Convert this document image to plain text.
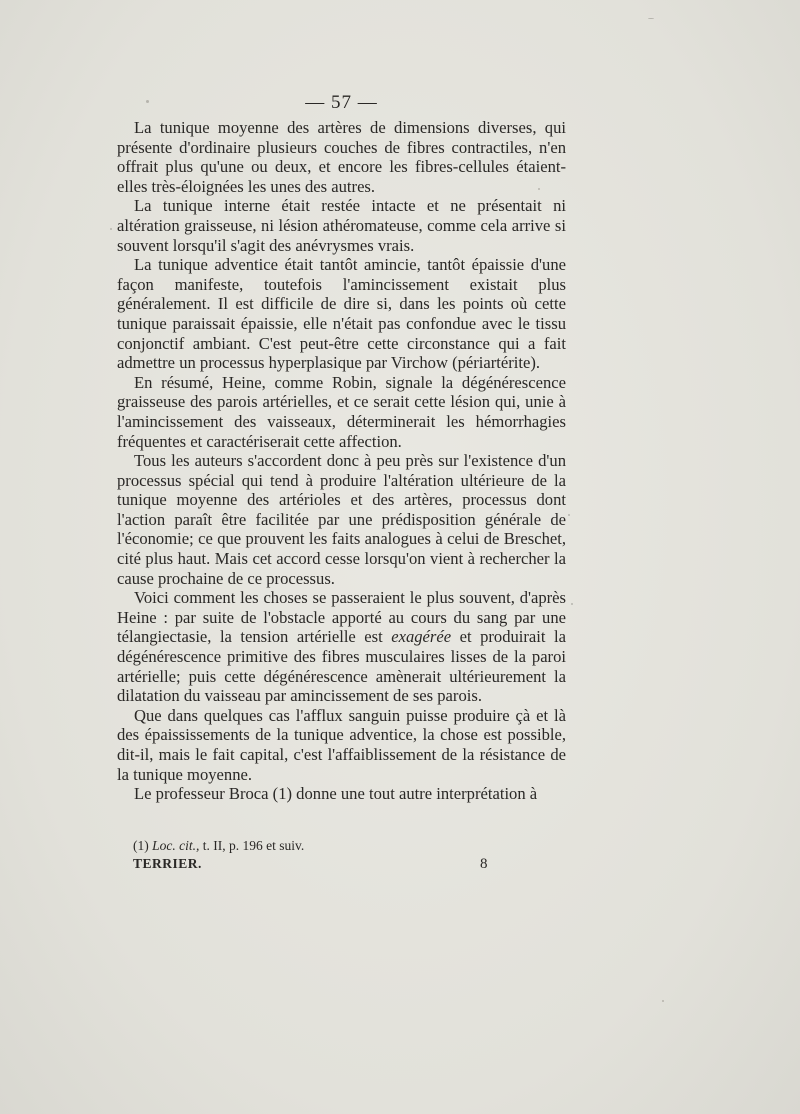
— 57 —

La tunique moyenne des artères de dimensions diverses, qui présente d'ordinaire plusieurs couches de fibres contractiles, n'en offrait plus qu'une ou deux, et encore les fibres-cellules étaient-elles très-éloignées les unes des autres.

La tunique interne était restée intacte et ne présentait ni altération graisseuse, ni lésion athéromateuse, comme cela arrive si souvent lorsqu'il s'agit des anévrysmes vrais.

La tunique adventice était tantôt amincie, tantôt épaissie d'une façon manifeste, toutefois l'amincissement existait plus généralement. Il est difficile de dire si, dans les points où cette tunique paraissait épaissie, elle n'était pas confondue avec le tissu conjonctif ambiant. C'est peut-être cette circonstance qui a fait admettre un processus hyperplasique par Virchow (périartérite).

En résumé, Heine, comme Robin, signale la dégénérescence graisseuse des parois artérielles, et ce serait cette lésion qui, unie à l'amincissement des vaisseaux, déterminerait les hémorrhagies fréquentes et caractériserait cette affection.

Tous les auteurs s'accordent donc à peu près sur l'existence d'un processus spécial qui tend à produire l'altération ultérieure de la tunique moyenne des artérioles et des artères, processus dont l'action paraît être facilitée par une prédisposition générale de l'économie; ce que prouvent les faits analogues à celui de Breschet, cité plus haut. Mais cet accord cesse lorsqu'on vient à rechercher la cause prochaine de ce processus.

Voici comment les choses se passeraient le plus souvent, d'après Heine : par suite de l'obstacle apporté au cours du sang par une télangiectasie, la tension artérielle est exagérée et produirait la dégénérescence primitive des fibres musculaires lisses de la paroi artérielle; puis cette dégénérescence amènerait ultérieurement la dilatation du vaisseau par amincissement de ses parois.

Que dans quelques cas l'afflux sanguin puisse produire çà et là des épaississements de la tunique adventice, la chose est possible, dit-il, mais le fait capital, c'est l'affaiblissement de la résistance de la tunique moyenne.

Le professeur Broca (1) donne une tout autre interprétation à

(1) Loc. cit., t. II, p. 196 et suiv.
TERRIER.	8
